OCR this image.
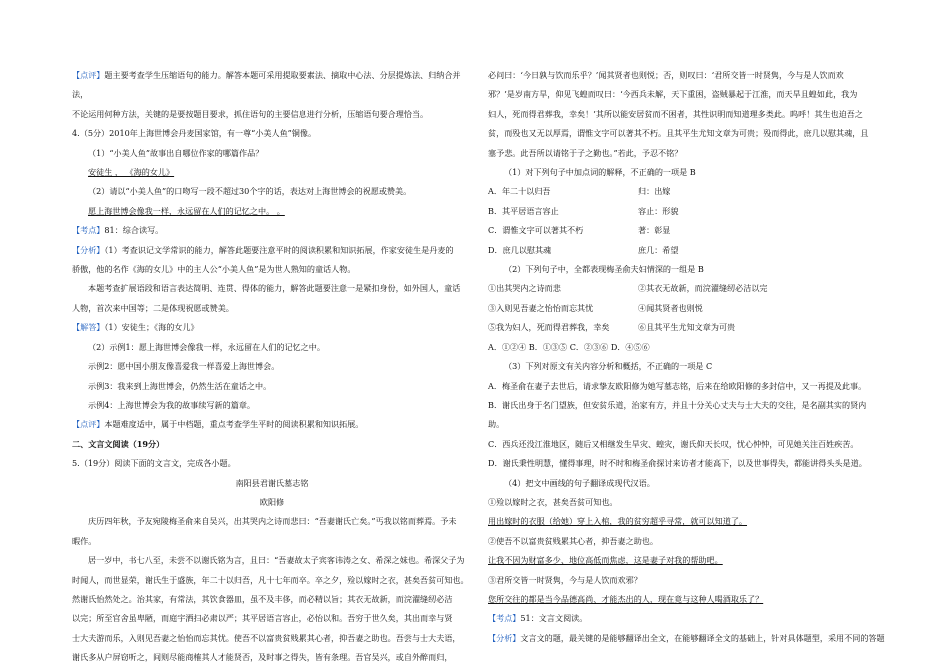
【点评】题主要考查学生压缩语句的能力。解答本题可采用提取要素法、摘取中心法、分层提炼法、归纳合并法，
不论运用何种方法，关键的是要按题目要求，抓住语句的主要信息进行分析，压缩语句要合理恰当。
4.（5分）2010年上海世博会丹麦国家馆，有一尊“小美人鱼”铜像。
（1）“小美人鱼”故事出自哪位作家的哪篇作品？
安徒生 ， 《海的女儿》
（2）请以“小美人鱼”的口吻写一段不超过30个字的话，表达对上海世博会的祝愿或赞美。
愿上海世博会像我一样，永远留在人们的记忆之中。 。
【考点】81：综合读写。
【分析】（1）考查识记文学常识的能力，解答此题要注意平时的阅读积累和知识拓展，作家安徒生是丹麦的
骄傲，他的名作《海的女儿》中的主人公“小美人鱼”是为世人熟知的童话人物。
本题考查扩展语段和语言表达简明、连贯、得体的能力，解答此题要注意一是紧扣身份，如外国人，童话
人物，首次来中国等；二是体现祝愿或赞美。
【解答】（1）安徒生；《海的女儿》
（2）示例1：愿上海世博会像我一样，永远留在人们的记忆之中。
示例2：愿中国小朋友像喜爱我一样喜爱上海世博会。
示例3：我来到上海世博会，仍然生活在童话之中。
示例4：上海世博会为我的故事续写新的篇章。
【点评】本题难度适中，属于中档题，重点考查学生平时的阅读积累和知识拓展。
二、文言文阅读（19分）
5.（19分）阅读下面的文言文，完成各小题。
南阳县君谢氏墓志铭
欧阳修
庆历四年秋，予友宛陵梅圣俞来自吴兴，出其哭内之诗而悲曰：“吾妻谢氏亡矣。”丐我以铭而葬焉。予未
暇作。
居一岁中，书七八至，未尝不以谢氏铭为言，且曰：“吾妻故太子宾客讳涛之女、希深之妹也。希深父子为
时闻人，而世显荣，谢氏生于盛族，年二十以归吾，凡十七年而卒。卒之夕，殓以嫁时之衣，甚矣吾贫可知也。
然谢氏怡然处之。治其家，有常法，其饮食器皿，虽不及丰侈，而必精以旨；其衣无故新，而浣濯缝纫必洁
以完；所至官舍虽卑陋，而庭宇洒扫必肃以严；其平居语言容止，必怡以和。吾穷于世久矣，其出而幸与贤
士大夫游而乐，入则见吾妻之怡怡而忘其忧。使吾不以富贵贫贱累其心者，抑吾妻之助也。吾尝与士大夫语，
谢氏多从户屏窃听之，间则尽能商榷其人才能贤否，及时事之得失，皆有条理。吾官吴兴，或自外醉而归，
必问曰：‘今日孰与饮而乐乎？’闻其贤者也则悦；否，则叹曰：‘君所交皆一时贤隽，今与是人饮而欢
邪？’是岁南方旱，仰见飞蝗而叹曰：‘今西兵未解，天下重困，盗贼暴起于江淮，而天旱且蝗如此，我为
妇人，死而得君葬我，幸矣！’其所以能安居贫而不困者，其性识明而知道理多类此。呜呼！其生也迫吾之
贫，而殁也又无以厚焉，谓惟文字可以著其不朽。且其平生尤知文章为可贵；殁而得此，庶几以慰其魂，且
塞予悲。此吾所以请铭于子之勤也。”若此，予忍不铭？
（1）对下列句子中加点词的解释，不正确的一项是 B
A．年二十以归吾	归：出嫁
B．其平居语言容止	容止：形貌
C．谓惟文字可以著其不朽	著：彰显
D．庶几以慰其魂	庶几：希望
（2）下列句子中，全都表现梅圣俞夫妇情深的一组是 B
①出其哭内之诗而悲	②其衣无故新，而浣濯缝纫必洁以完
③入则见吾妻之怡怡而忘其忧	④闻其贤者也则悦
⑤我为妇人，死而得君葬我，幸矣	⑥且其平生尤知文章为可贵
A．①②④ B．①③⑤ C．②③⑥ D．④⑤⑥
（3）下列对原文有关内容分析和概括，不正确的一项是 C
A．梅圣俞在妻子去世后，请求挚友欧阳修为她写墓志铭，后来在给欧阳修的多封信中，又一再提及此事。
B．谢氏出身于名门望族，但安贫乐道，治家有方，并且十分关心丈夫与士大夫的交往，是名副其实的贤内
助。
C．西兵还没江淮地区，随后又相继发生旱灾、蝗灾，谢氏仰天长叹，忧心忡忡，可见她关注百姓疾苦。
D．谢氏秉性明慧，懂得事理，时不时和梅圣俞探讨来访者才能高下，以及世事得失，都能讲得头头是道。
（4）把文中画线的句子翻译成现代汉语。
①殓以嫁时之衣，甚矣吾贫可知也。
用出嫁时的衣服（给她）穿上入棺，我的贫穷超乎寻常，就可以知道了。
②使吾不以富贵贫贱累其心者，抑吾妻之助也。
让我不因为财富多少、地位高低而焦虑，这是妻子对我的帮助吧。
③君所交皆一时贤隽，今与是人饮而欢邪？
您所交往的都是当今品德高尚、才能杰出的人，现在竟与这种人喝酒取乐了？
【考点】51：文言文阅读。
【分析】文言文的题，最关键的是能够翻译出全文，在能够翻译全文的基础上，针对具体题型，采用不同的答题
